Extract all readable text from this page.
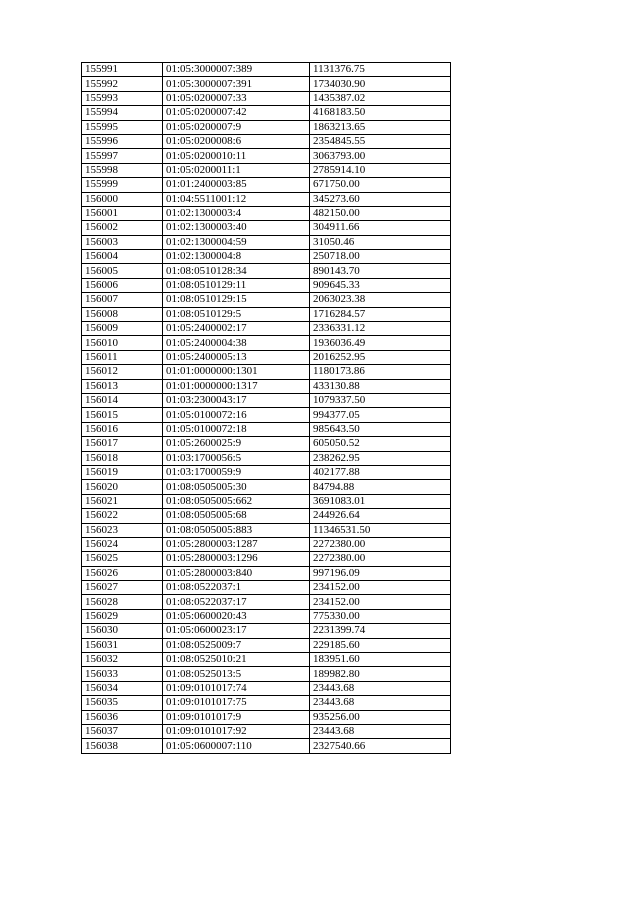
155991	01:05:3000007:389	1131376.75
155992	01:05:3000007:391	1734030.90
155993	01:05:0200007:33	1435387.02
155994	01:05:0200007:42	4168183.50
155995	01:05:0200007:9	1863213.65
155996	01:05:0200008:6	2354845.55
155997	01:05:0200010:11	3063793.00
155998	01:05:0200011:1	2785914.10
155999	01:01:2400003:85	671750.00
156000	01:04:5511001:12	345273.60
156001	01:02:1300003:4	482150.00
156002	01:02:1300003:40	304911.66
156003	01:02:1300004:59	31050.46
156004	01:02:1300004:8	250718.00
156005	01:08:0510128:34	890143.70
156006	01:08:0510129:11	909645.33
156007	01:08:0510129:15	2063023.38
156008	01:08:0510129:5	1716284.57
156009	01:05:2400002:17	2336331.12
156010	01:05:2400004:38	1936036.49
156011	01:05:2400005:13	2016252.95
156012	01:01:0000000:1301	1180173.86
156013	01:01:0000000:1317	433130.88
156014	01:03:2300043:17	1079337.50
156015	01:05:0100072:16	994377.05
156016	01:05:0100072:18	985643.50
156017	01:05:2600025:9	605050.52
156018	01:03:1700056:5	238262.95
156019	01:03:1700059:9	402177.88
156020	01:08:0505005:30	84794.88
156021	01:08:0505005:662	3691083.01
156022	01:08:0505005:68	244926.64
156023	01:08:0505005:883	11346531.50
156024	01:05:2800003:1287	2272380.00
156025	01:05:2800003:1296	2272380.00
156026	01:05:2800003:840	997196.09
156027	01:08:0522037:1	234152.00
156028	01:08:0522037:17	234152.00
156029	01:05:0600020:43	775330.00
156030	01:05:0600023:17	2231399.74
156031	01:08:0525009:7	229185.60
156032	01:08:0525010:21	183951.60
156033	01:08:0525013:5	189982.80
156034	01:09:0101017:74	23443.68
156035	01:09:0101017:75	23443.68
156036	01:09:0101017:9	935256.00
156037	01:09:0101017:92	23443.68
156038	01:05:0600007:110	2327540.66
